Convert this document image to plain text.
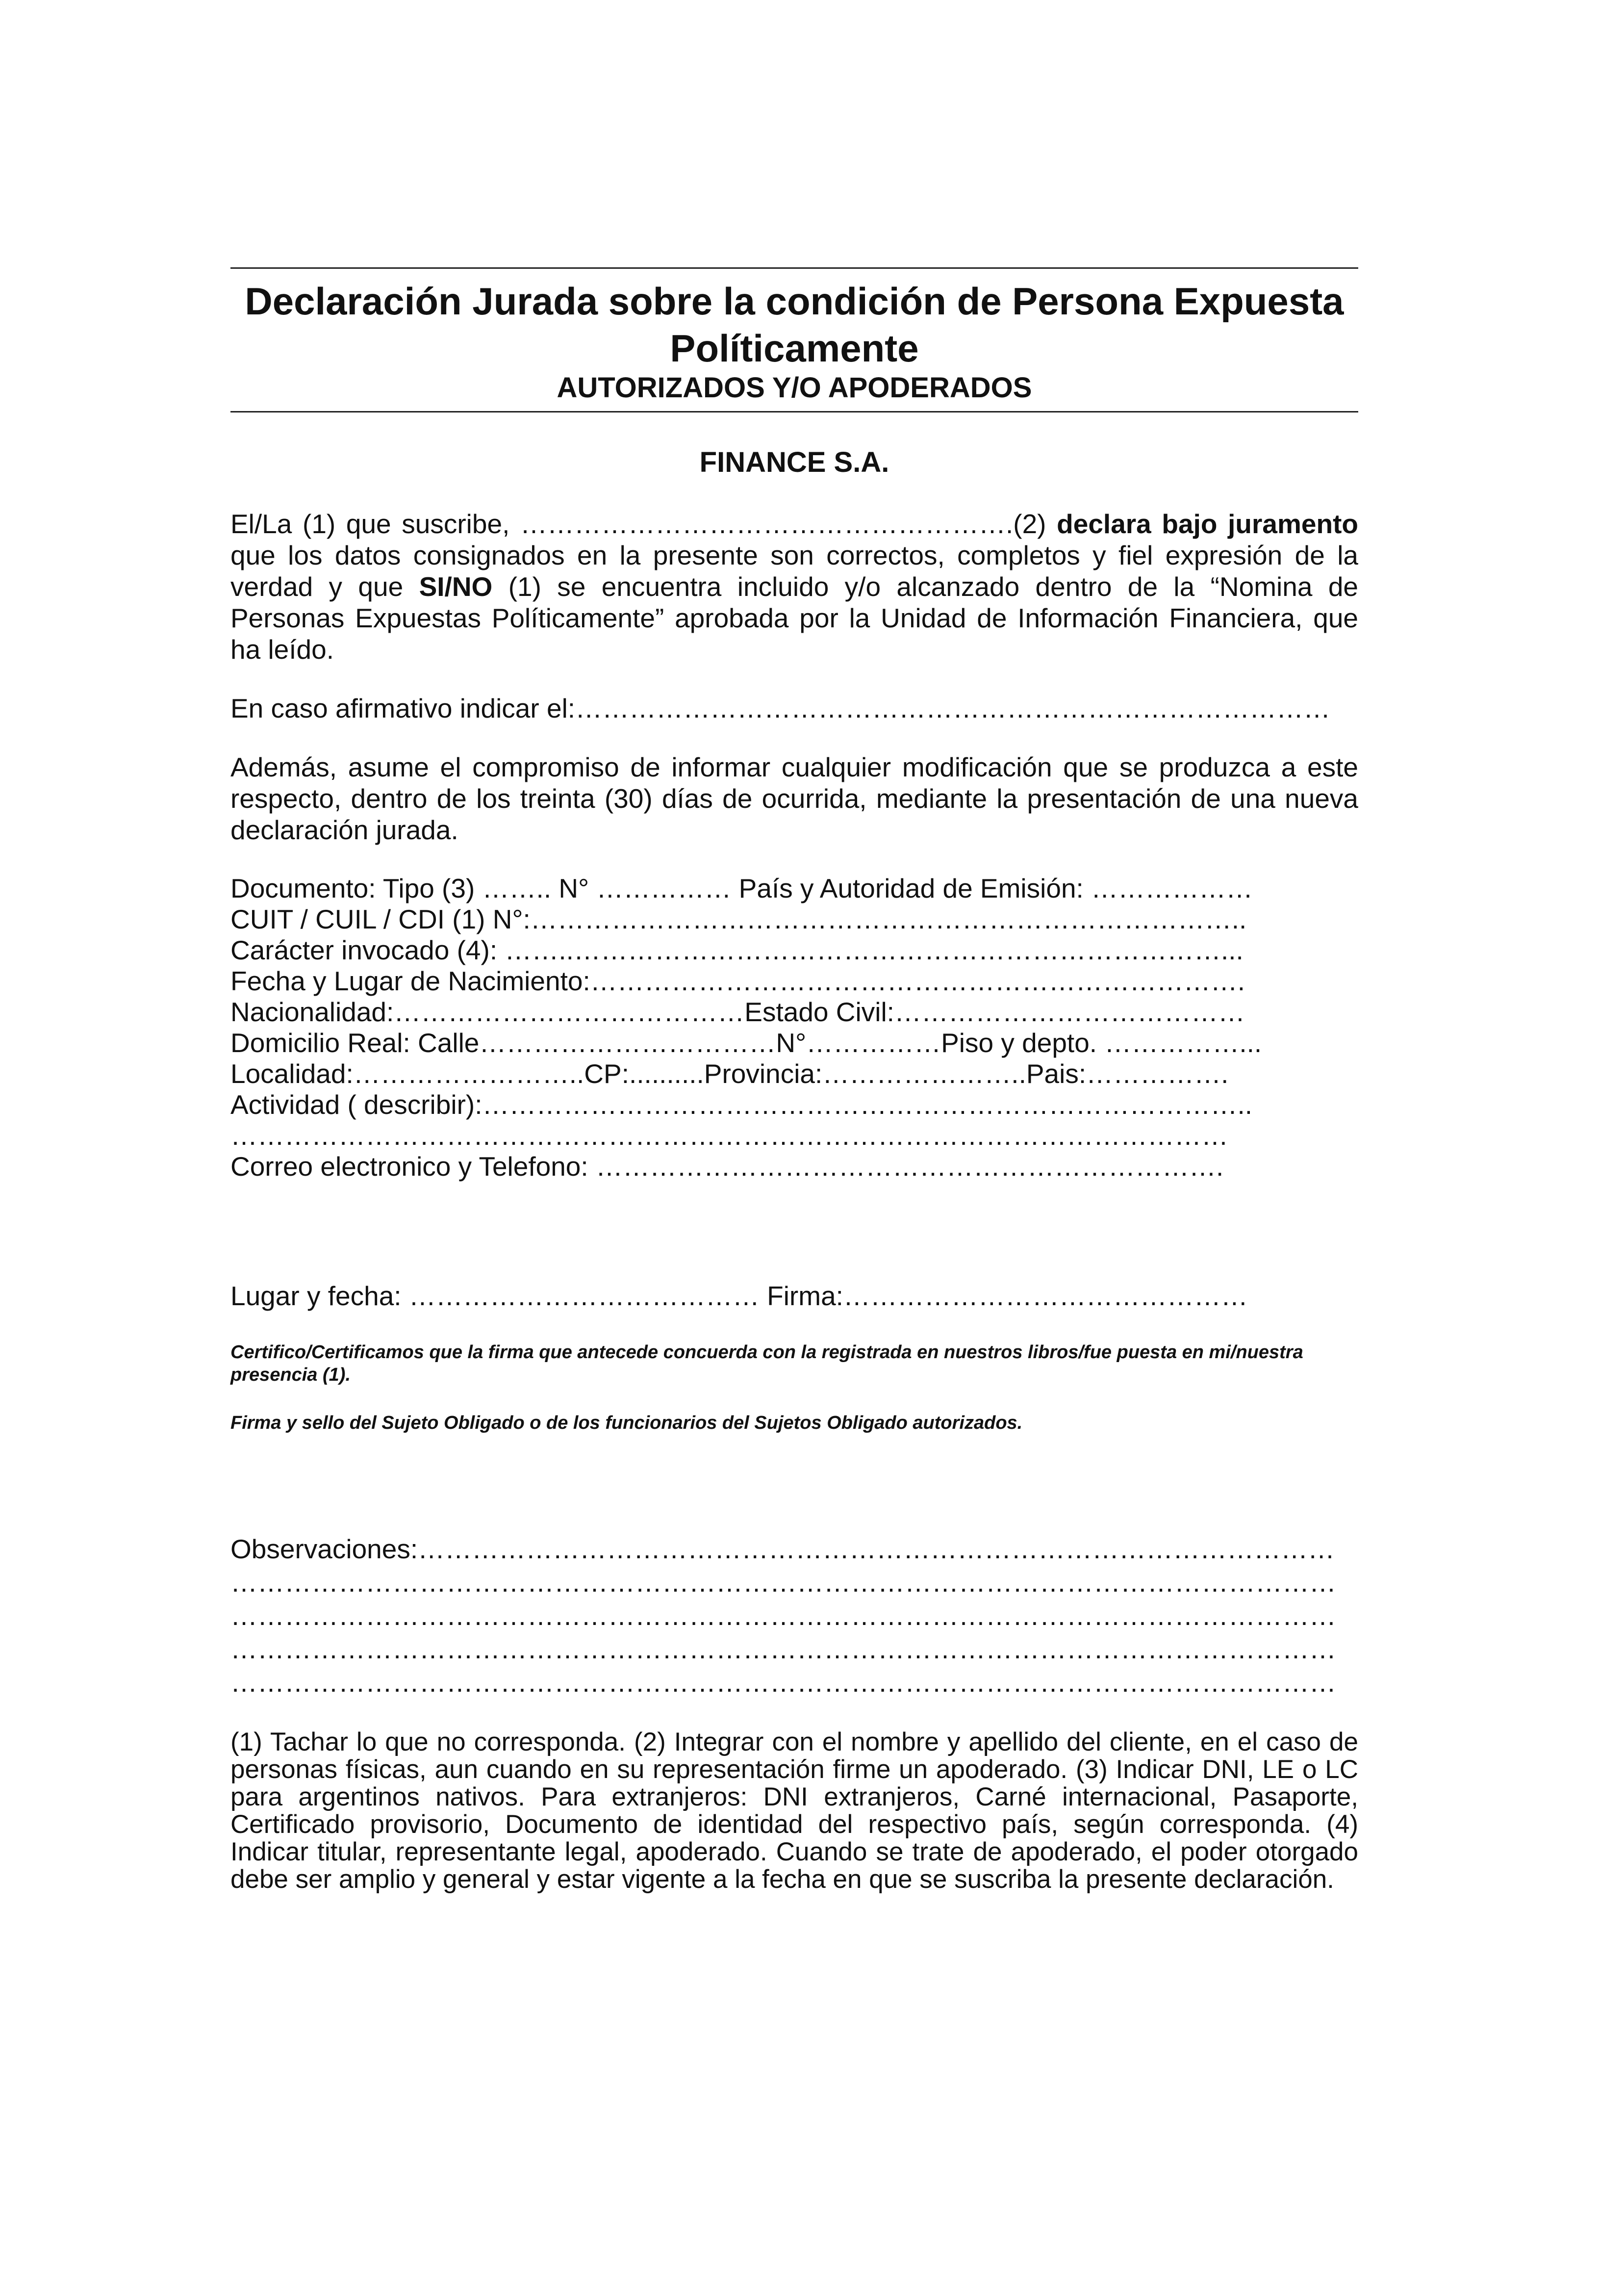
Declaración Jurada sobre la condición de Persona Expuesta Políticamente
AUTORIZADOS Y/O APODERADOS
FINANCE S.A.

El/La (1) que suscribe, ……………………………………………….(2) declara bajo juramento que los datos consignados en la presente son correctos, completos y fiel expresión de la verdad y que SI/NO (1) se encuentra incluido y/o alcanzado dentro de la “Nomina de Personas Expuestas Políticamente” aprobada por la Unidad de Información Financiera, que ha leído.

En caso afirmativo indicar el:…………………………………………………………………………

Además, asume el compromiso de informar cualquier modificación que se produzca a este respecto, dentro de los treinta (30) días de ocurrida, mediante la presentación de una nueva declaración jurada.

Documento: Tipo (3) …….. N° …………… País y Autoridad de Emisión: ………………

CUIT / CUIL / CDI (1) N°:……………………………………………………………………..

Carácter invocado (4): ……..………………………………………………………………...

Fecha y Lugar de Nacimiento:……………………………………………………………….

Nacionalidad:…………………………………Estado Civil:…………………………………

Domicilio Real: Calle……………………………N°……………Piso y depto. ……………...

Localidad:……………………..CP:..........Provincia:…………………..Pais:…………….

Actividad ( describir):…………………………………………………………………………..

…………………………………………………………………………………………………

Correo electronico y Telefono: …………………………………………………………….

Lugar y fecha: ………………………………… Firma:………………………………………

Certifico/Certificamos que la firma que antecede concuerda con la registrada en nuestros libros/fue puesta en mi/nuestra presencia (1).

Firma y sello del Sujeto Obligado o de los funcionarios del Sujetos Obligado autorizados.

Observaciones:…………………………………………………………………………………………

……………………………………………………………………………………………………………

……………………………………………………………………………………………………………

……………………………………………………………………………………………………………

……………………………………………………………………………………………………………

(1) Tachar lo que no corresponda. (2) Integrar con el nombre y apellido del cliente, en el caso de personas físicas, aun cuando en su representación firme un apoderado. (3) Indicar DNI, LE o LC para argentinos nativos. Para extranjeros: DNI extranjeros, Carné internacional, Pasaporte, Certificado provisorio, Documento de identidad del respectivo país, según corresponda. (4) Indicar titular, representante legal, apoderado. Cuando se trate de apoderado, el poder otorgado debe ser amplio y general y estar vigente a la fecha en que se suscriba la presente declaración.
